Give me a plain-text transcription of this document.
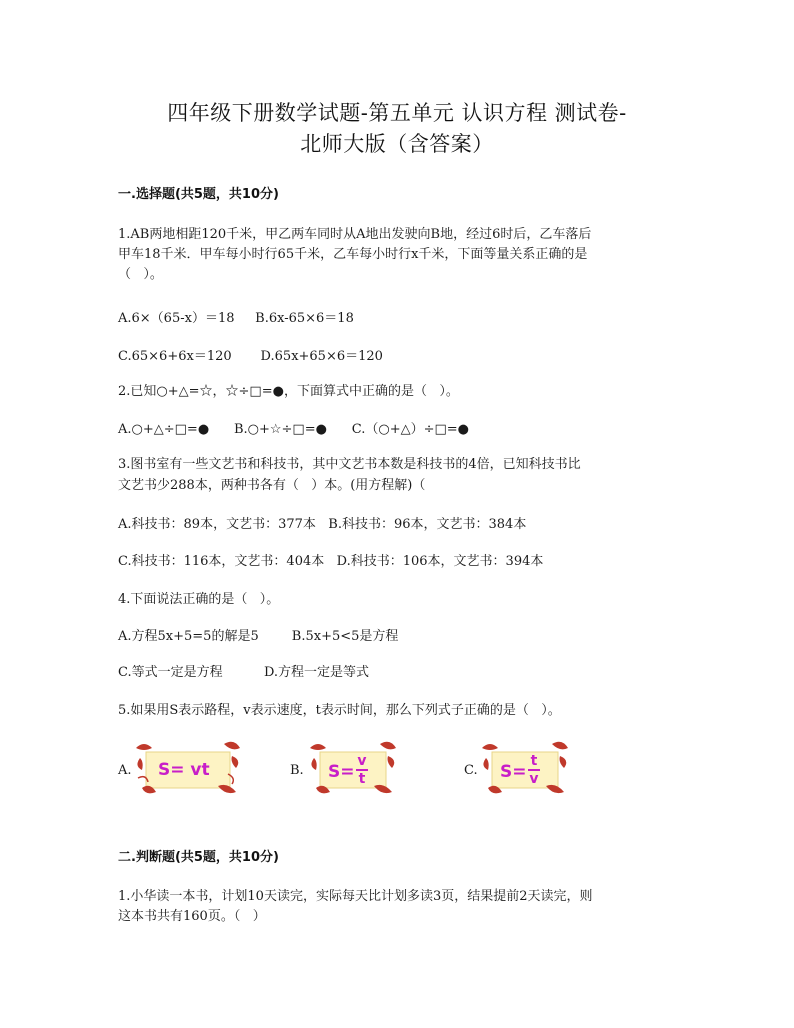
四年级下册数学试题-第五单元 认识方程 测试卷-
北师大版（含答案）
一.选择题(共5题，共10分)
1.AB两地相距120千米，甲乙两车同时从A地出发驶向B地，经过6时后，乙车落后
甲车18千米．甲车每小时行65千米，乙车每小时行x千米，下面等量关系正确的是
（   ）。
A.6×（65-x）＝18     B.6x-65×6＝18
C.65×6+6x＝120       D.65x+65×6＝120
2.已知○+△=☆，☆÷□=●，下面算式中正确的是（   ）。
A.○+△÷□=●      B.○+☆÷□=●      C.（○+△）÷□=●
3.图书室有一些文艺书和科技书，其中文艺书本数是科技书的4倍，已知科技书比
文艺书少288本，两种书各有（   ）本。(用方程解)（
A.科技书：89本，文艺书：377本   B.科技书：96本，文艺书：384本
C.科技书：116本，文艺书：404本   D.科技书：106本，文艺书：394本
4.下面说法正确的是（   ）。
A.方程5x+5=5的解是5        B.5x+5<5是方程
C.等式一定是方程          D.方程一定是等式
5.如果用S表示路程，v表示速度，t表示时间，那么下列式子正确的是（   ）。
A. S= vt	B. S=
v
t
C. S=
t
v
二.判断题(共5题，共10分)
1.小华读一本书，计划10天读完，实际每天比计划多读3页，结果提前2天读完，则
这本书共有160页。（   ）
